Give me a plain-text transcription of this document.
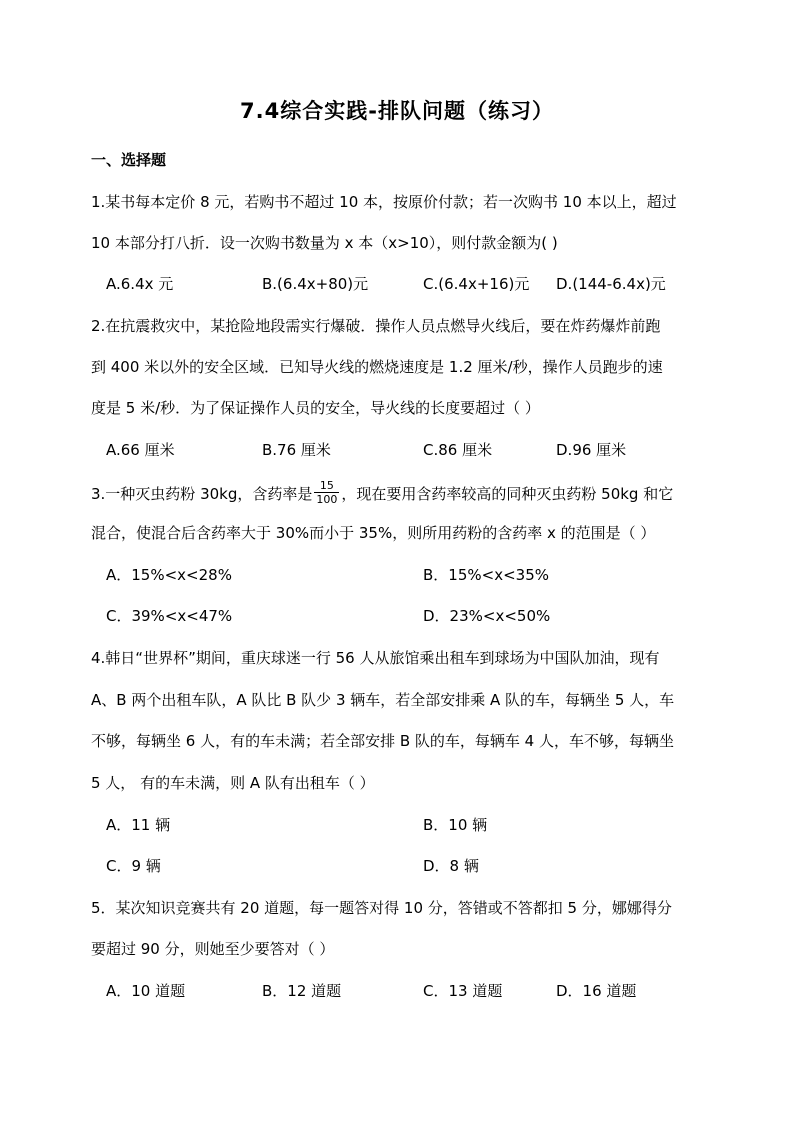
7.4综合实践-排队问题（练习）
一、选择题
1.某书每本定价 8 元，若购书不超过 10 本，按原价付款；若一次购书 10 本以上，超过
10 本部分打八折．设一次购书数量为 x 本（x>10），则付款金额为( )
A.6.4x 元	B.(6.4x+80)元	C.(6.4x+16)元 D.(144-6.4x)元
2.在抗震救灾中，某抢险地段需实行爆破．操作人员点燃导火线后，要在炸药爆炸前跑
到 400 米以外的安全区域．已知导火线的燃烧速度是 1.2 厘米/秒，操作人员跑步的速
度是 5 米/秒．为了保证操作人员的安全，导火线的长度要超过（ ）
A.66 厘米	B.76 厘米	C.86 厘米	D.96 厘米
3.一种灭虫药粉 30kg，含药率是 $\frac{15}{100}$ ，现在要用含药率较高的同种灭虫药粉 50kg 和它
混合，使混合后含药率大于 30%而小于 35%，则所用药粉的含药率 x 的范围是（ ）
A．15%<x<28%	B．15%<x<35%
C．39%<x<47%	D．23%<x<50%
4.韩日“世界杯”期间，重庆球迷一行 56 人从旅馆乘出租车到球场为中国队加油，现有
A、B 两个出租车队，A 队比 B 队少 3 辆车，若全部安排乘 A 队的车，每辆坐 5 人，车
不够，每辆坐 6 人，有的车未满；若全部安排 B 队的车，每辆车 4 人，车不够，每辆坐
5 人， 有的车未满，则 A 队有出租车（ ）
A．11 辆	B．10 辆
C．9 辆	D．8 辆
5．某次知识竞赛共有 20 道题，每一题答对得 10 分，答错或不答都扣 5 分，娜娜得分
要超过 90 分，则她至少要答对（ ）
A．10 道题	B．12 道题	C．13 道题	D．16 道题
